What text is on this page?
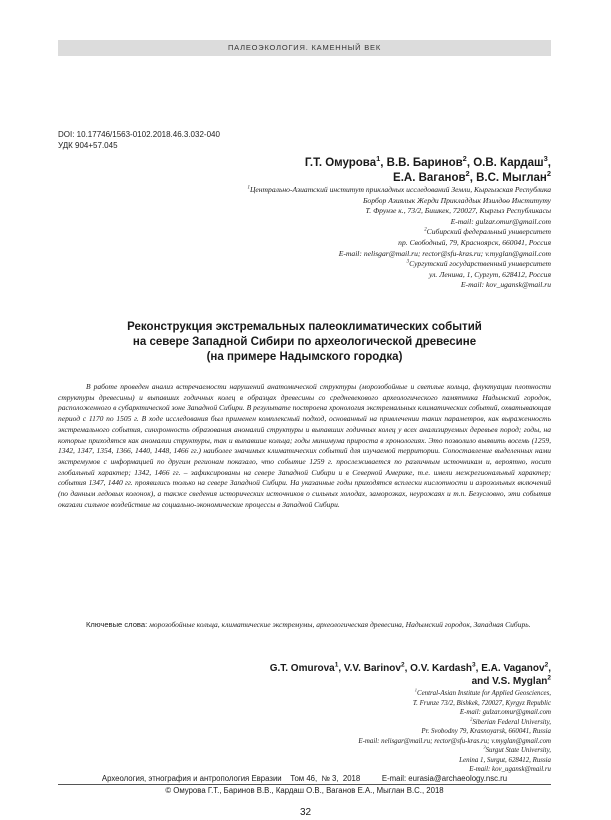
ПАЛЕОЭКОЛОГИЯ. КАМЕННЫЙ ВЕК
DOI: 10.17746/1563-0102.2018.46.3.032-040
УДК 904+57.045
Г.Т. Омурова$^1$, В.В. Баринов$^2$, О.В. Кардаш$^3$,
Е.А. Ваганов$^2$, В.С. Мыглан$^2$
$^1$Центрально-Азиатский институт прикладных исследований Земли, Кыргызская Республика
Борбор Азиялык Жерди Прикладдык Изилдөө Институту
Т. Фрунзе к., 73/2, Бишкек, 720027, Кыргыз Республикасы
E-mail: gulzar.omur@gmail.com
$^2$Сибирский федеральный университет
пр. Свободный, 79, Красноярск, 660041, Россия
E-mail: nelisgar@mail.ru; rector@sfu-kras.ru; v.myglan@gmail.com
$^3$Сургутский государственный университет
ул. Ленина, 1, Сургут, 628412, Россия
E-mail: kov_ugansk@mail.ru
Реконструкция экстремальных палеоклиматических событий
на севере Западной Сибири по археологической древесине
(на примере Надымского городка)

В работе проведен анализ встречаемости нарушений анатомической структуры (морозобойные и светлые кольца, флуктуации плотности структуры древесины) и выпавших годичных колец в образцах древесины со средневекового археологического памятника Надымский городок, расположенного в субарктической зоне Западной Сибири. В результате построена хронология экстремальных климатических событий, охватывающая период с 1170 по 1505 г. В ходе исследования был применен комплексный подход, основанный на привлечении таких параметров, как выраженность экстремального события, синхронность образования аномалий структуры и выпавших годичных колец у всех анализируемых деревьев пород; годы, на которые приходятся как аномалии структуры, так и выпавшие кольца; годы минимума прироста в хронологиях. Это позволило выявить восемь (1259, 1342, 1347, 1354, 1366, 1440, 1448, 1466 гг.) наиболее значимых климатических событий для изучаемой территории. Сопоставление выделенных нами экстремумов с информацией по другим регионам показало, что событие 1259 г. прослеживается по различным источникам и, вероятно, носит глобальный характер; 1342, 1466 гг. – зафиксированы на севере Западной Сибири и в Северной Америке, т.е. имели межрегиональный характер; события 1347, 1440 гг. проявились только на севере Западной Сибири. На указанные годы приходятся всплески кислотности и аэрозольных включений (по данным ледовых колонок), а также сведения исторических источников о сильных холодах, заморозках, неурожаях и т.п. Безусловно, эти события оказали сильное воздействие на социально-экономические процессы в Западной Сибири.

Ключевые слова: морозобойные кольца, климатические экстремумы, археологическая древесина, Надымский городок, Западная Сибирь.
G.T. Omurova$^1$, V.V. Barinov$^2$, O.V. Kardash$^3$, E.A. Vaganov$^2$,
and V.S. Myglan$^2$
$^1$Central-Asian Institute for Applied Geosciences,
T. Frunze 73/2, Bishkek, 720027, Kyrgyz Republic
E-mail: gulzar.omur@gmail.com
$^2$Siberian Federal University,
Pr. Svobodny 79, Krasnoyarsk, 660041, Russia
E-mail: nelisgar@mail.ru; rector@sfu-kras.ru; v.myglan@gmail.com
$^3$Surgut State University,
Lenina 1, Surgut, 628412, Russia
E-mail: kov_ugansk@mail.ru
Археология, этнография и антропология Евразии    Том 46,  № 3,  2018          E-mail: eurasia@archaeology.nsc.ru
© Омурова Г.Т., Баринов В.В., Кардаш О.В., Ваганов Е.А., Мыглан В.С., 2018
32
